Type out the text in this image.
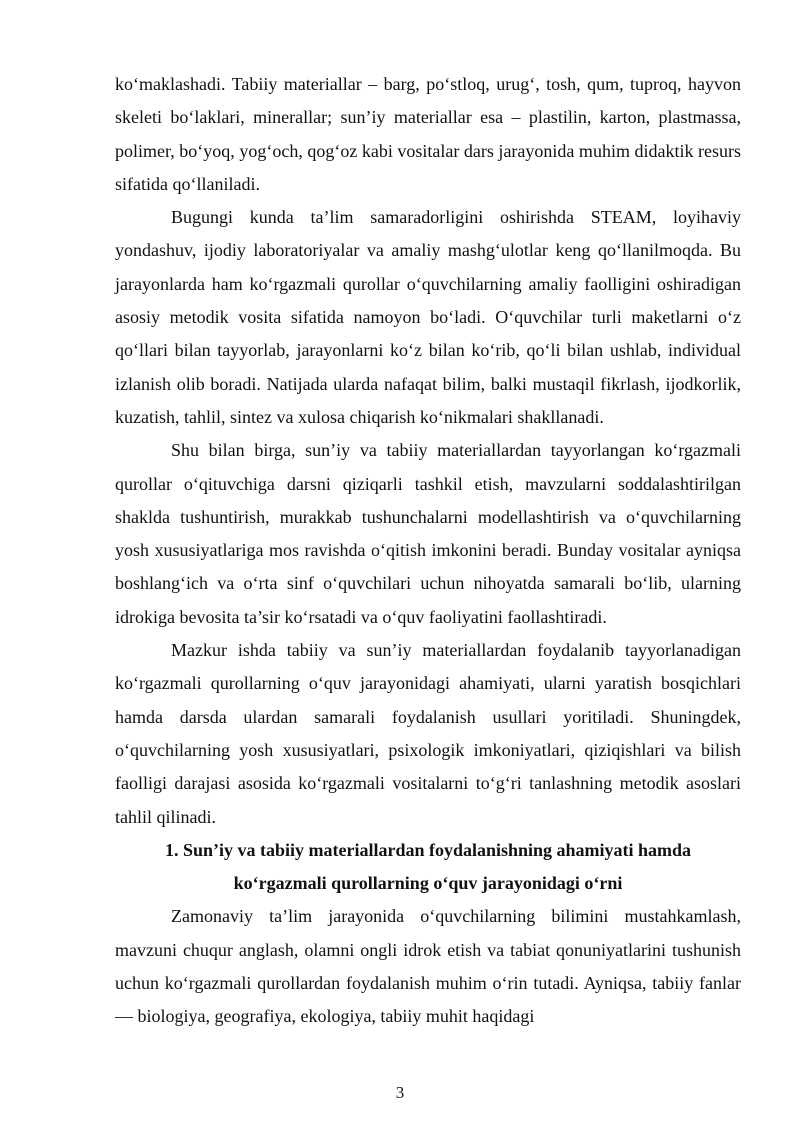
ko‘maklashadi. Tabiiy materiallar – barg, po‘stloq, urug‘, tosh, qum, tuproq, hayvon skeleti bo‘laklari, minerallar; sun’iy materiallar esa – plastilin, karton, plastmassa, polimer, bo‘yoq, yog‘och, qog‘oz kabi vositalar dars jarayonida muhim didaktik resurs sifatida qo‘llaniladi.

Bugungi kunda ta’lim samaradorligini oshirishda STEAM, loyihaviy yondashuv, ijodiy laboratoriyalar va amaliy mashg‘ulotlar keng qo‘llanilmoqda. Bu jarayonlarda ham ko‘rgazmali qurollar o‘quvchilarning amaliy faolligini oshiradigan asosiy metodik vosita sifatida namoyon bo‘ladi. O‘quvchilar turli maketlarni o‘z qo‘llari bilan tayyorlab, jarayonlarni ko‘z bilan ko‘rib, qo‘li bilan ushlab, individual izlanish olib boradi. Natijada ularda nafaqat bilim, balki mustaqil fikrlash, ijodkorlik, kuzatish, tahlil, sintez va xulosa chiqarish ko‘nikmalari shakllanadi.

Shu bilan birga, sun’iy va tabiiy materiallardan tayyorlangan ko‘rgazmali qurollar o‘qituvchiga darsni qiziqarli tashkil etish, mavzularni soddalashtirilgan shaklda tushuntirish, murakkab tushunchalarni modellashtirish va o‘quvchilarning yosh xususiyatlariga mos ravishda o‘qitish imkonini beradi. Bunday vositalar ayniqsa boshlang‘ich va o‘rta sinf o‘quvchilari uchun nihoyatda samarali bo‘lib, ularning idrokiga bevosita ta’sir ko‘rsatadi va o‘quv faoliyatini faollashtiradi.

Mazkur ishda tabiiy va sun’iy materiallardan foydalanib tayyorlanadigan ko‘rgazmali qurollarning o‘quv jarayonidagi ahamiyati, ularni yaratish bosqichlari hamda darsda ulardan samarali foydalanish usullari yoritiladi. Shuningdek, o‘quvchilarning yosh xususiyatlari, psixologik imkoniyatlari, qiziqishlari va bilish faolligi darajasi asosida ko‘rgazmali vositalarni to‘g‘ri tanlashning metodik asoslari tahlil qilinadi.

1. Sun’iy va tabiiy materiallardan foydalanishning ahamiyati hamda
ko‘rgazmali qurollarning o‘quv jarayonidagi o‘rni

Zamonaviy ta’lim jarayonida o‘quvchilarning bilimini mustahkamlash, mavzuni chuqur anglash, olamni ongli idrok etish va tabiat qonuniyatlarini tushunish uchun ko‘rgazmali qurollardan foydalanish muhim o‘rin tutadi. Ayniqsa, tabiiy fanlar — biologiya, geografiya, ekologiya, tabiiy muhit haqidagi

3
